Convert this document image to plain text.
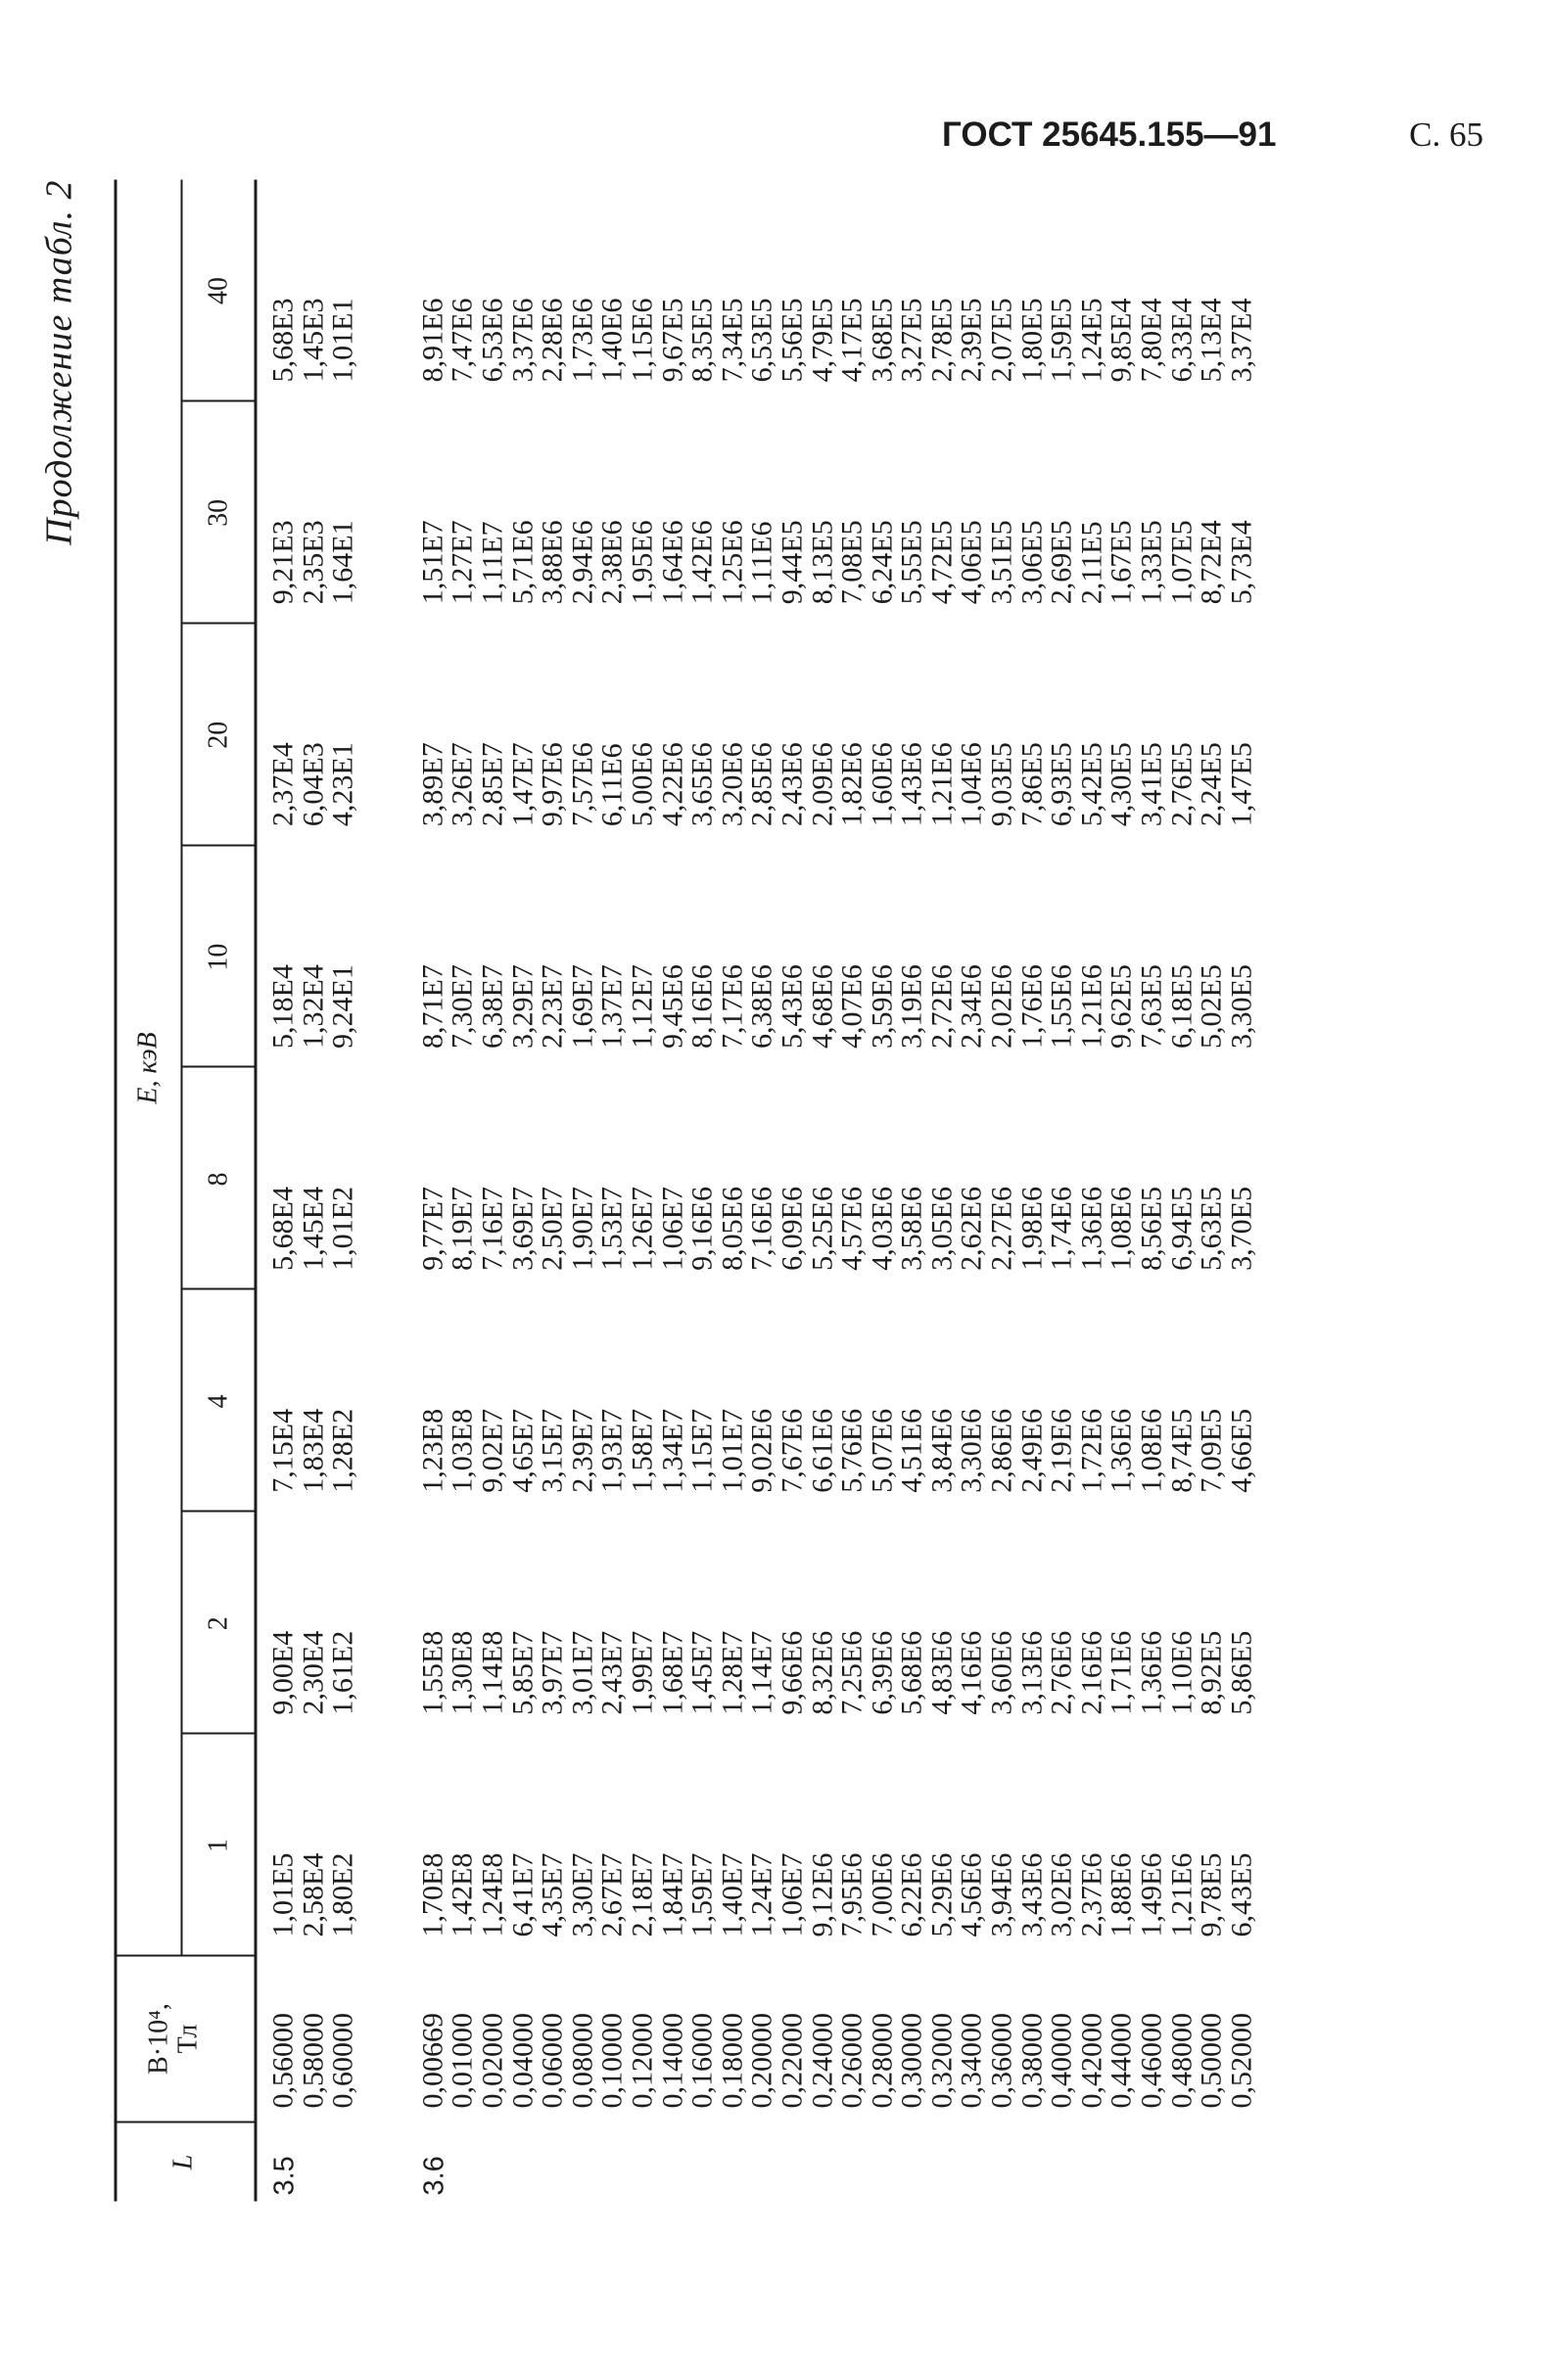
ГОСТ 25645.155—91	С. 65
Продолжение табл. 2
L
B·10⁴, Тл
E, кэВ
1
2
4
8
10
20
30
40
3.5	3.6
0,56000
0,58000
0,60000 0,00669
0,01000
0,02000
0,04000
0,06000
0,08000
0,10000
0,12000
0,14000
0,16000
0,18000
0,20000
0,22000
0,24000
0,26000
0,28000
0,30000
0,32000
0,34000
0,36000
0,38000
0,40000
0,42000
0,44000
0,46000
0,48000
0,50000
0,52000
1,01E5
2,58E4
1,80E2 1,70E8
1,42E8
1,24E8
6,41E7
4,35E7
3,30E7
2,67E7
2,18E7
1,84E7
1,59E7
1,40E7
1,24E7
1,06E7
9,12E6
7,95E6
7,00E6
6,22E6
5,29E6
4,56E6
3,94E6
3,43E6
3,02E6
2,37E6
1,88E6
1,49E6
1,21E6
9,78E5
6,43E5
9,00E4
2,30E4
1,61E2 1,55E8
1,30E8
1,14E8
5,85E7
3,97E7
3,01E7
2,43E7
1,99E7
1,68E7
1,45E7
1,28E7
1,14E7
9,66E6
8,32E6
7,25E6
6,39E6
5,68E6
4,83E6
4,16E6
3,60E6
3,13E6
2,76E6
2,16E6
1,71E6
1,36E6
1,10E6
8,92E5
5,86E5
7,15E4
1,83E4
1,28E2 1,23E8
1,03E8
9,02E7
4,65E7
3,15E7
2,39E7
1,93E7
1,58E7
1,34E7
1,15E7
1,01E7
9,02E6
7,67E6
6,61E6
5,76E6
5,07E6
4,51E6
3,84E6
3,30E6
2,86E6
2,49E6
2,19E6
1,72E6
1,36E6
1,08E6
8,74E5
7,09E5
4,66E5
5,68E4
1,45E4
1,01E2 9,77E7
8,19E7
7,16E7
3,69E7
2,50E7
1,90E7
1,53E7
1,26E7
1,06E7
9,16E6
8,05E6
7,16E6
6,09E6
5,25E6
4,57E6
4,03E6
3,58E6
3,05E6
2,62E6
2,27E6
1,98E6
1,74E6
1,36E6
1,08E6
8,56E5
6,94E5
5,63E5
3,70E5
5,18E4
1,32E4
9,24E1 8,71E7
7,30E7
6,38E7
3,29E7
2,23E7
1,69E7
1,37E7
1,12E7
9,45E6
8,16E6
7,17E6
6,38E6
5,43E6
4,68E6
4,07E6
3,59E6
3,19E6
2,72E6
2,34E6
2,02E6
1,76E6
1,55E6
1,21E6
9,62E5
7,63E5
6,18E5
5,02E5
3,30E5
2,37E4
6,04E3
4,23E1 3,89E7
3,26E7
2,85E7
1,47E7
9,97E6
7,57E6
6,11E6
5,00E6
4,22E6
3,65E6
3,20E6
2,85E6
2,43E6
2,09E6
1,82E6
1,60E6
1,43E6
1,21E6
1,04E6
9,03E5
7,86E5
6,93E5
5,42E5
4,30E5
3,41E5
2,76E5
2,24E5
1,47E5
9,21E3
2,35E3
1,64E1 1,51E7
1,27E7
1,11E7
5,71E6
3,88E6
2,94E6
2,38E6
1,95E6
1,64E6
1,42E6
1,25E6
1,11E6
9,44E5
8,13E5
7,08E5
6,24E5
5,55E5
4,72E5
4,06E5
3,51E5
3,06E5
2,69E5
2,11E5
1,67E5
1,33E5
1,07E5
8,72E4
5,73E4
5,68E3
1,45E3
1,01E1 8,91E6
7,47E6
6,53E6
3,37E6
2,28E6
1,73E6
1,40E6
1,15E6
9,67E5
8,35E5
7,34E5
6,53E5
5,56E5
4,79E5
4,17E5
3,68E5
3,27E5
2,78E5
2,39E5
2,07E5
1,80E5
1,59E5
1,24E5
9,85E4
7,80E4
6,33E4
5,13E4
3,37E4
